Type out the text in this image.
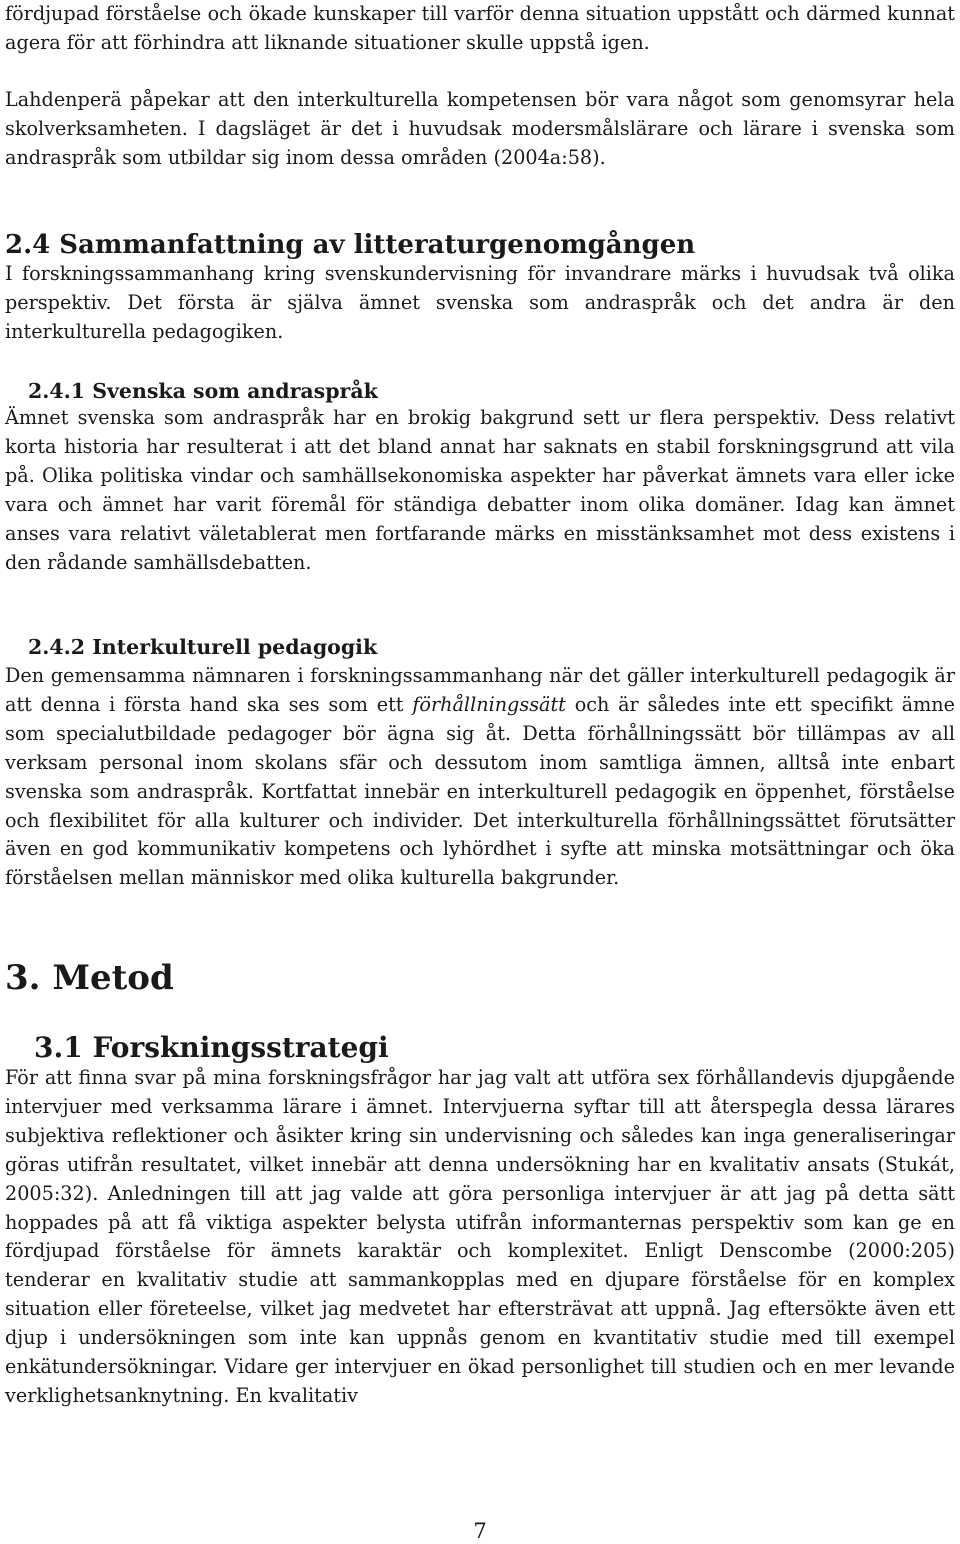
fördjupad förståelse och ökade kunskaper till varför denna situation uppstått och därmed kunnat agera för att förhindra att liknande situationer skulle uppstå igen.

Lahdenperä påpekar att den interkulturella kompetensen bör vara något som genomsyrar hela skolverksamheten. I dagsläget är det i huvudsak modersmålslärare och lärare i svenska som andraspråk som utbildar sig inom dessa områden (2004a:58).

2.4 Sammanfattning av litteraturgenomgången

I forskningssammanhang kring svenskundervisning för invandrare märks i huvudsak två olika perspektiv. Det första är själva ämnet svenska som andraspråk och det andra är den interkulturella pedagogiken.

2.4.1 Svenska som andraspråk

Ämnet svenska som andraspråk har en brokig bakgrund sett ur flera perspektiv. Dess relativt korta historia har resulterat i att det bland annat har saknats en stabil forskningsgrund att vila på. Olika politiska vindar och samhällsekonomiska aspekter har påverkat ämnets vara eller icke vara och ämnet har varit föremål för ständiga debatter inom olika domäner. Idag kan ämnet anses vara relativt väletablerat men fortfarande märks en misstänksamhet mot dess existens i den rådande samhällsdebatten.

2.4.2 Interkulturell pedagogik

Den gemensamma nämnaren i forskningssammanhang när det gäller interkulturell pedagogik är att denna i första hand ska ses som ett förhållningssätt och är således inte ett specifikt ämne som specialutbildade pedagoger bör ägna sig åt. Detta förhållningssätt bör tillämpas av all verksam personal inom skolans sfär och dessutom inom samtliga ämnen, alltså inte enbart svenska som andraspråk. Kortfattat innebär en interkulturell pedagogik en öppenhet, förståelse och flexibilitet för alla kulturer och individer. Det interkulturella förhållningssättet förutsätter även en god kommunikativ kompetens och lyhördhet i syfte att minska motsättningar och öka förståelsen mellan människor med olika kulturella bakgrunder.

3. Metod
3.1 Forskningsstrategi

För att finna svar på mina forskningsfrågor har jag valt att utföra sex förhållandevis djupgående intervjuer med verksamma lärare i ämnet. Intervjuerna syftar till att återspegla dessa lärares subjektiva reflektioner och åsikter kring sin undervisning och således kan inga generaliseringar göras utifrån resultatet, vilket innebär att denna undersökning har en kvalitativ ansats (Stukát, 2005:32). Anledningen till att jag valde att göra personliga intervjuer är att jag på detta sätt hoppades på att få viktiga aspekter belysta utifrån informanternas perspektiv som kan ge en fördjupad förståelse för ämnets karaktär och komplexitet. Enligt Denscombe (2000:205) tenderar en kvalitativ studie att sammankopplas med en djupare förståelse för en komplex situation eller företeelse, vilket jag medvetet har eftersträvat att uppnå. Jag eftersökte även ett djup i undersökningen som inte kan uppnås genom en kvantitativ studie med till exempel enkätundersökningar. Vidare ger intervjuer en ökad personlighet till studien och en mer levande verklighetsanknytning. En kvalitativ

7
